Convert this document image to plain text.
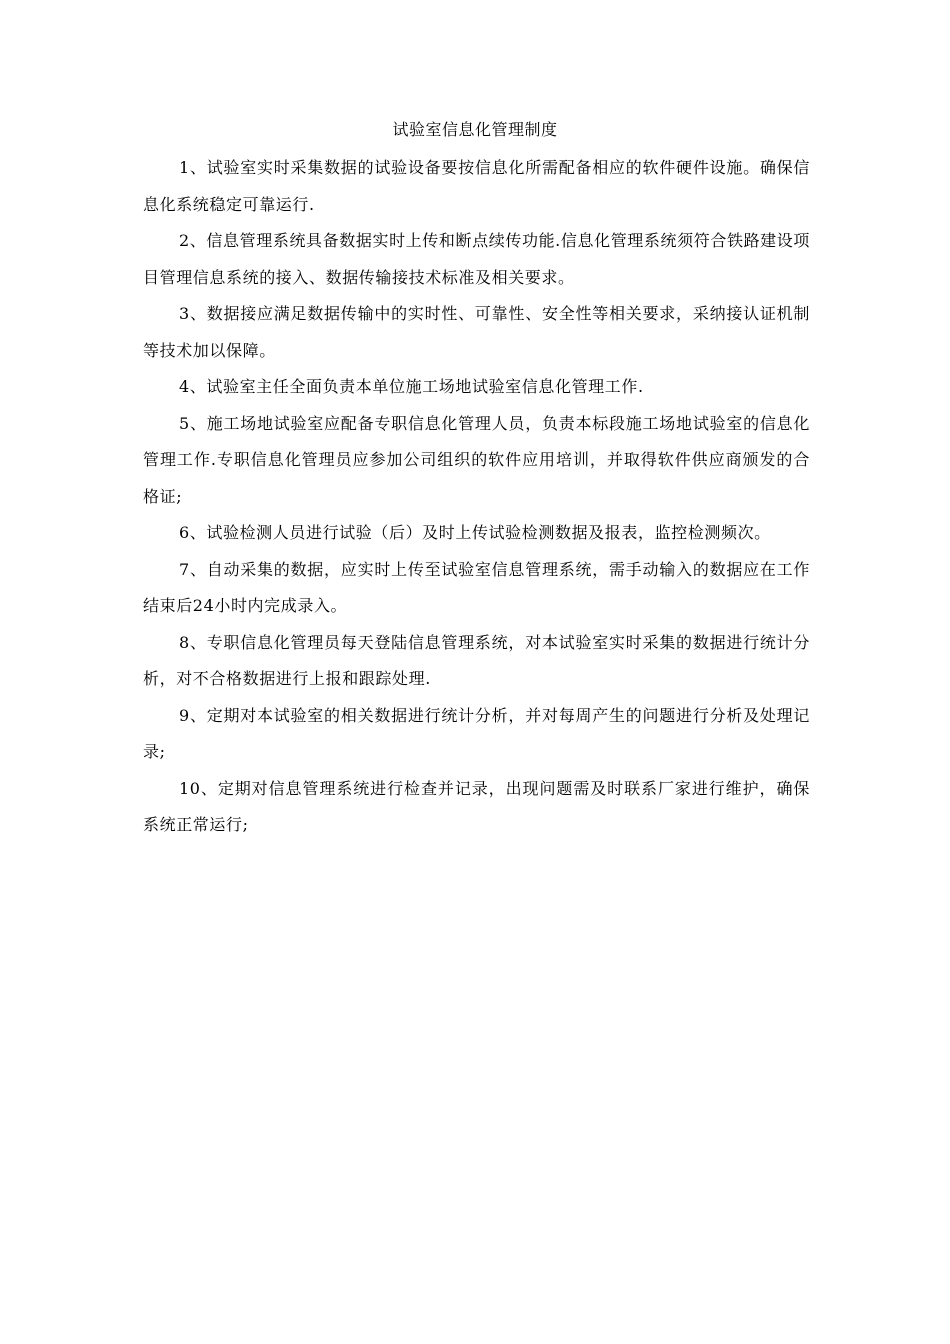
试验室信息化管理制度

1、试验室实时采集数据的试验设备要按信息化所需配备相应的软件硬件设施。确保信息化系统稳定可靠运行.

2、信息管理系统具备数据实时上传和断点续传功能.信息化管理系统须符合铁路建设项目管理信息系统的接入、数据传输接技术标准及相关要求。

3、数据接应满足数据传输中的实时性、可靠性、安全性等相关要求，采纳接认证机制等技术加以保障。

4、试验室主任全面负责本单位施工场地试验室信息化管理工作.

5、施工场地试验室应配备专职信息化管理人员，负责本标段施工场地试验室的信息化管理工作.专职信息化管理员应参加公司组织的软件应用培训，并取得软件供应商颁发的合格证;

6、试验检测人员进行试验（后）及时上传试验检测数据及报表，监控检测频次。

7、自动采集的数据，应实时上传至试验室信息管理系统，需手动输入的数据应在工作结束后24小时内完成录入。

8、专职信息化管理员每天登陆信息管理系统，对本试验室实时采集的数据进行统计分析，对不合格数据进行上报和跟踪处理.

9、定期对本试验室的相关数据进行统计分析，并对每周产生的问题进行分析及处理记录;

10、定期对信息管理系统进行检查并记录，出现问题需及时联系厂家进行维护，确保系统正常运行;
